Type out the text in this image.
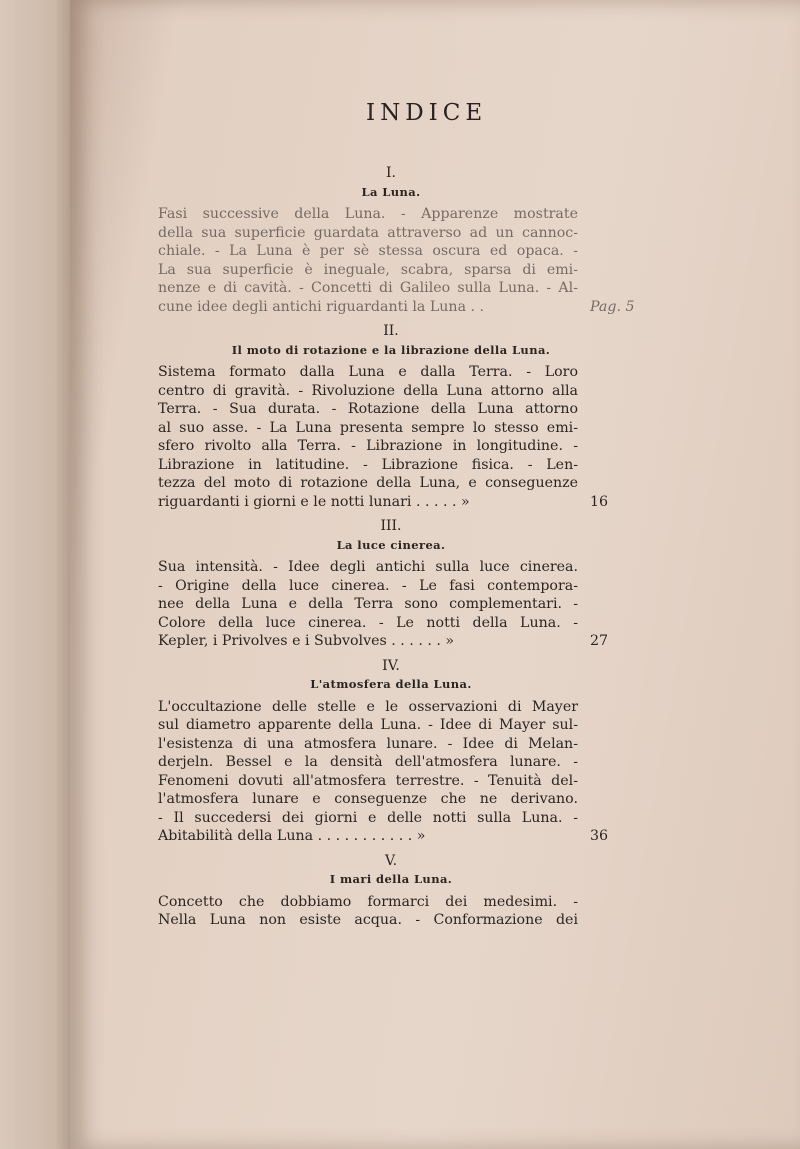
INDICE
I.
La Luna.
Fasi successive della Luna. - Apparenze mostrate
della sua superficie guardata attraverso ad un cannoc-
chiale. - La Luna è per sè stessa oscura ed opaca. -
La sua superficie è ineguale, scabra, sparsa di emi-
nenze e di cavità. - Concetti di Galileo sulla Luna. - Al-
cune idee degli antichi riguardanti la Luna . .	Pag. 5
II.
Il moto di rotazione e la librazione della Luna.
Sistema formato dalla Luna e dalla Terra. - Loro
centro di gravità. - Rivoluzione della Luna attorno alla
Terra. - Sua durata. - Rotazione della Luna attorno
al suo asse. - La Luna presenta sempre lo stesso emi-
sfero rivolto alla Terra. - Librazione in longitudine. -
Librazione in latitudine. - Librazione fisica. - Len-
tezza del moto di rotazione della Luna, e conseguenze
riguardanti i giorni e le notti lunari . . . . . »	16
III.
La luce cinerea.
Sua intensità. - Idee degli antichi sulla luce cinerea.
- Origine della luce cinerea. - Le fasi contempora-
nee della Luna e della Terra sono complementari. -
Colore della luce cinerea. - Le notti della Luna. -
Kepler, i Privolves e i Subvolves . . . . . . »	27
IV.
L'atmosfera della Luna.
L'occultazione delle stelle e le osservazioni di Mayer
sul diametro apparente della Luna. - Idee di Mayer sul-
l'esistenza di una atmosfera lunare. - Idee di Melan-
derjeln. Bessel e la densità dell'atmosfera lunare. -
Fenomeni dovuti all'atmosfera terrestre. - Tenuità del-
l'atmosfera lunare e conseguenze che ne derivano.
- Il succedersi dei giorni e delle notti sulla Luna. -
Abitabilità della Luna . . . . . . . . . . . »	36
V.
I mari della Luna.
Concetto che dobbiamo formarci dei medesimi. -
Nella Luna non esiste acqua. - Conformazione dei
